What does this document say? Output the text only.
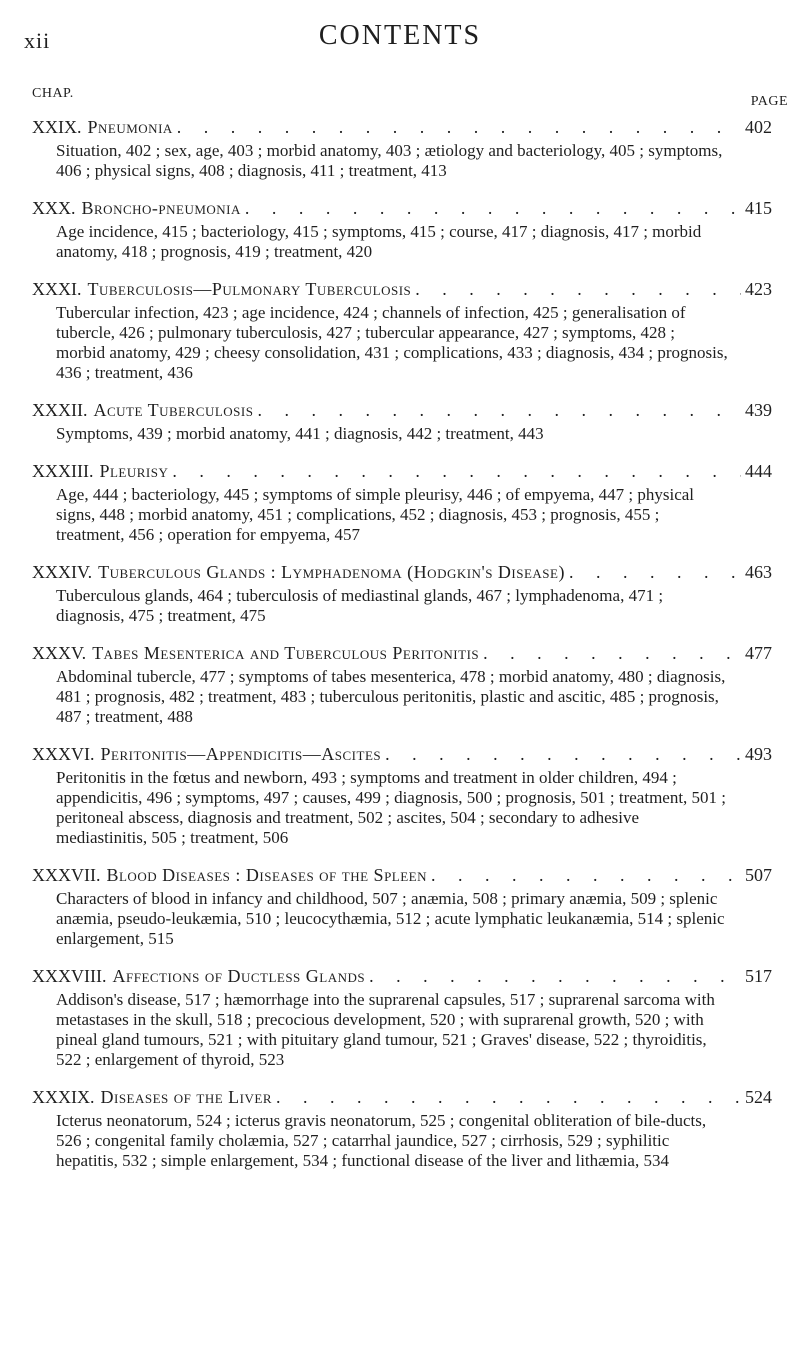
xii	CONTENTS
CHAP.
PAGE
XXIX. Pneumonia . . .	402
Situation, 402 ; sex, age, 403 ; morbid anatomy, 403 ; ætiology and bacteriology, 405 ; symptoms, 406 ; physical signs, 408 ; diagnosis, 411 ; treatment, 413
XXX. Broncho-pneumonia . . .	415
Age incidence, 415 ; bacteriology, 415 ; symptoms, 415 ; course, 417 ; diagnosis, 417 ; morbid anatomy, 418 ; prognosis, 419 ; treatment, 420
XXXI. Tuberculosis—Pulmonary Tuberculosis . . .	423
Tubercular infection, 423 ; age incidence, 424 ; channels of infection, 425 ; generalisation of tubercle, 426 ; pulmonary tuberculosis, 427 ; tubercular appearance, 427 ; symptoms, 428 ; morbid anatomy, 429 ; cheesy consolidation, 431 ; complications, 433 ; diagnosis, 434 ; prognosis, 436 ; treatment, 436
XXXII. Acute Tuberculosis . . .	439
Symptoms, 439 ; morbid anatomy, 441 ; diagnosis, 442 ; treatment, 443
XXXIII. Pleurisy . . .	444
Age, 444 ; bacteriology, 445 ; symptoms of simple pleurisy, 446 ; of empyema, 447 ; physical signs, 448 ; morbid anatomy, 451 ; complications, 452 ; diagnosis, 453 ; prognosis, 455 ; treatment, 456 ; operation for empyema, 457
XXXIV. Tuberculous Glands : Lymphadenoma (Hodgkin's Disease) . . .	463
Tuberculous glands, 464 ; tuberculosis of mediastinal glands, 467 ; lymphadenoma, 471 ; diagnosis, 475 ; treatment, 475
XXXV. Tabes Mesenterica and Tuberculous Peritonitis . . .	477
Abdominal tubercle, 477 ; symptoms of tabes mesenterica, 478 ; morbid anatomy, 480 ; diagnosis, 481 ; prognosis, 482 ; treatment, 483 ; tuberculous peritonitis, plastic and ascitic, 485 ; prognosis, 487 ; treatment, 488
XXXVI. Peritonitis—Appendicitis—Ascites . . .	493
Peritonitis in the fœtus and newborn, 493 ; symptoms and treatment in older children, 494 ; appendicitis, 496 ; symptoms, 497 ; causes, 499 ; diagnosis, 500 ; prognosis, 501 ; treatment, 501 ; peritoneal abscess, diagnosis and treatment, 502 ; ascites, 504 ; secondary to adhesive mediastinitis, 505 ; treatment, 506
XXXVII. Blood Diseases : Diseases of the Spleen . . .	507
Characters of blood in infancy and childhood, 507 ; anæmia, 508 ; primary anæmia, 509 ; splenic anæmia, pseudo-leukæmia, 510 ; leucocythæmia, 512 ; acute lymphatic leukanæmia, 514 ; splenic enlargement, 515
XXXVIII. Affections of Ductless Glands . . .	517
Addison's disease, 517 ; hæmorrhage into the suprarenal capsules, 517 ; suprarenal sarcoma with metastases in the skull, 518 ; precocious development, 520 ; with suprarenal growth, 520 ; with pineal gland tumours, 521 ; with pituitary gland tumour, 521 ; Graves' disease, 522 ; thyroiditis, 522 ; enlargement of thyroid, 523
XXXIX. Diseases of the Liver . . .	524
Icterus neonatorum, 524 ; icterus gravis neonatorum, 525 ; congenital obliteration of bile-ducts, 526 ; congenital family cholæmia, 527 ; catarrhal jaundice, 527 ; cirrhosis, 529 ; syphilitic hepatitis, 532 ; simple enlargement, 534 ; functional disease of the liver and lithæmia, 534
